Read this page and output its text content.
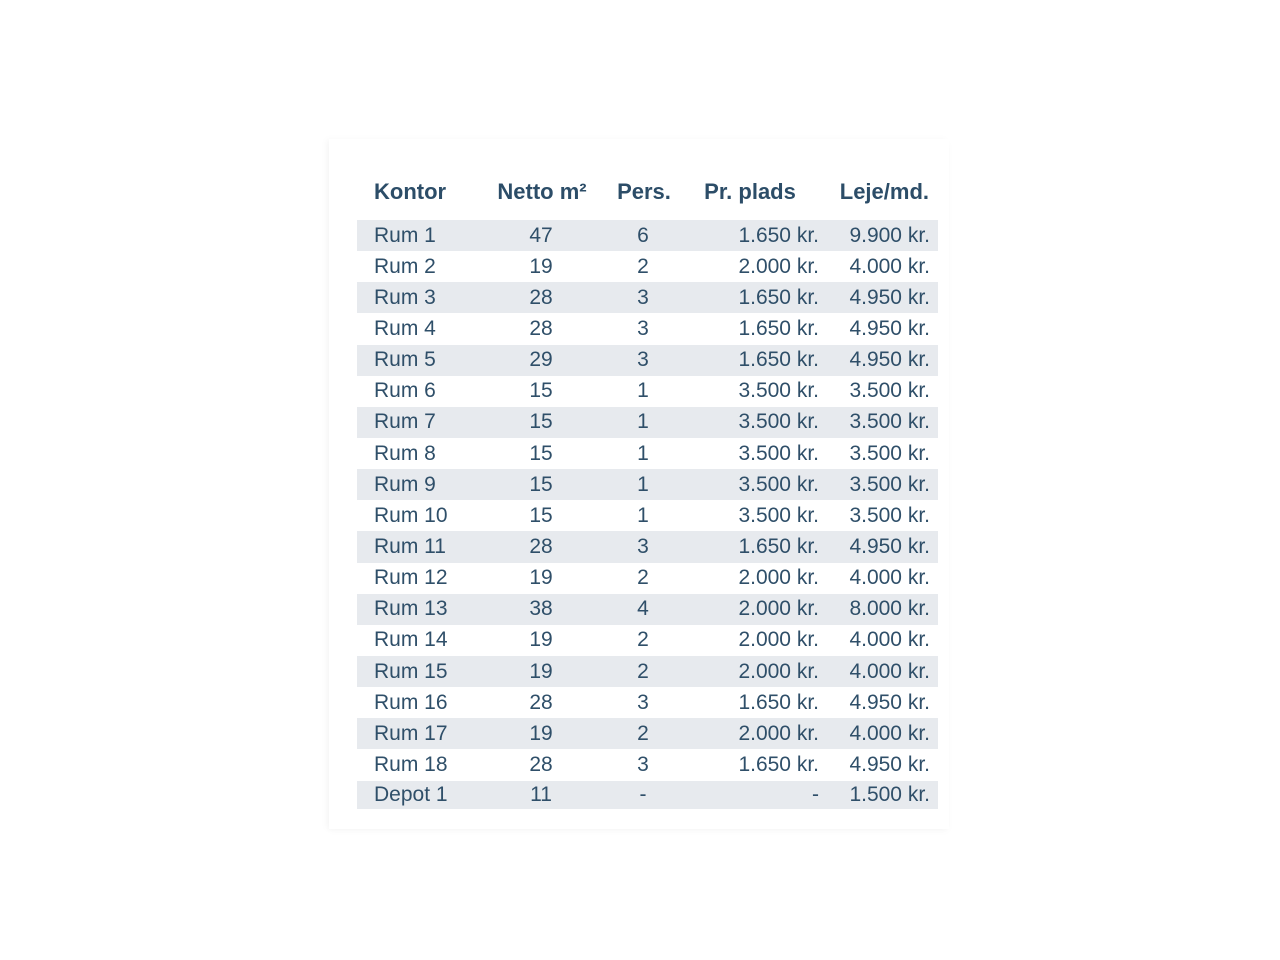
Kontor	Netto m²	Pers.	Pr. plads	Leje/md.
Rum 1	47	6	1.650 kr.	9.900 kr.
Rum 2	19	2	2.000 kr.	4.000 kr.
Rum 3	28	3	1.650 kr.	4.950 kr.
Rum 4	28	3	1.650 kr.	4.950 kr.
Rum 5	29	3	1.650 kr.	4.950 kr.
Rum 6	15	1	3.500 kr.	3.500 kr.
Rum 7	15	1	3.500 kr.	3.500 kr.
Rum 8	15	1	3.500 kr.	3.500 kr.
Rum 9	15	1	3.500 kr.	3.500 kr.
Rum 10	15	1	3.500 kr.	3.500 kr.
Rum 11	28	3	1.650 kr.	4.950 kr.
Rum 12	19	2	2.000 kr.	4.000 kr.
Rum 13	38	4	2.000 kr.	8.000 kr.
Rum 14	19	2	2.000 kr.	4.000 kr.
Rum 15	19	2	2.000 kr.	4.000 kr.
Rum 16	28	3	1.650 kr.	4.950 kr.
Rum 17	19	2	2.000 kr.	4.000 kr.
Rum 18	28	3	1.650 kr.	4.950 kr.
Depot 1	11	-	-	1.500 kr.
